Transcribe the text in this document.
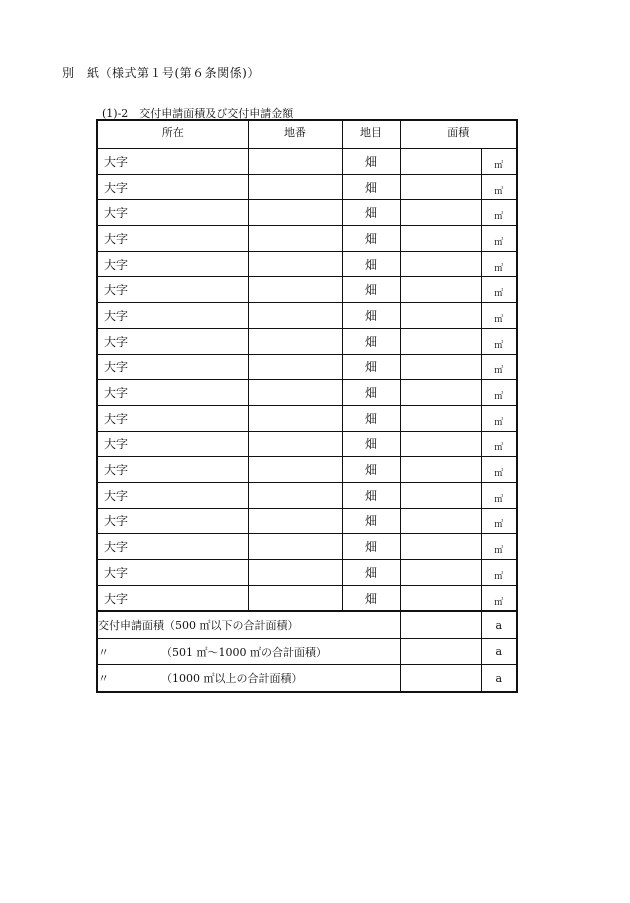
別　紙（様式第１号(第６条関係)）
(1)-2　交付申請面積及び交付申請金額
所在	地番	地目	面積	
大字		畑		㎡
大字		畑		㎡
大字		畑		㎡
大字		畑		㎡
大字		畑		㎡
大字		畑		㎡
大字		畑		㎡
大字		畑		㎡
大字		畑		㎡
大字		畑		㎡
大字		畑		㎡
大字		畑		㎡
大字		畑		㎡
大字		畑		㎡
大字		畑		㎡
大字		畑		㎡
大字		畑		㎡
大字		畑		㎡
交付申請面積（500 ㎡以下の合計面積）				a
〃 （501 ㎡〜1000 ㎡の合計面積）				a
〃 （1000 ㎡以上の合計面積）				a
